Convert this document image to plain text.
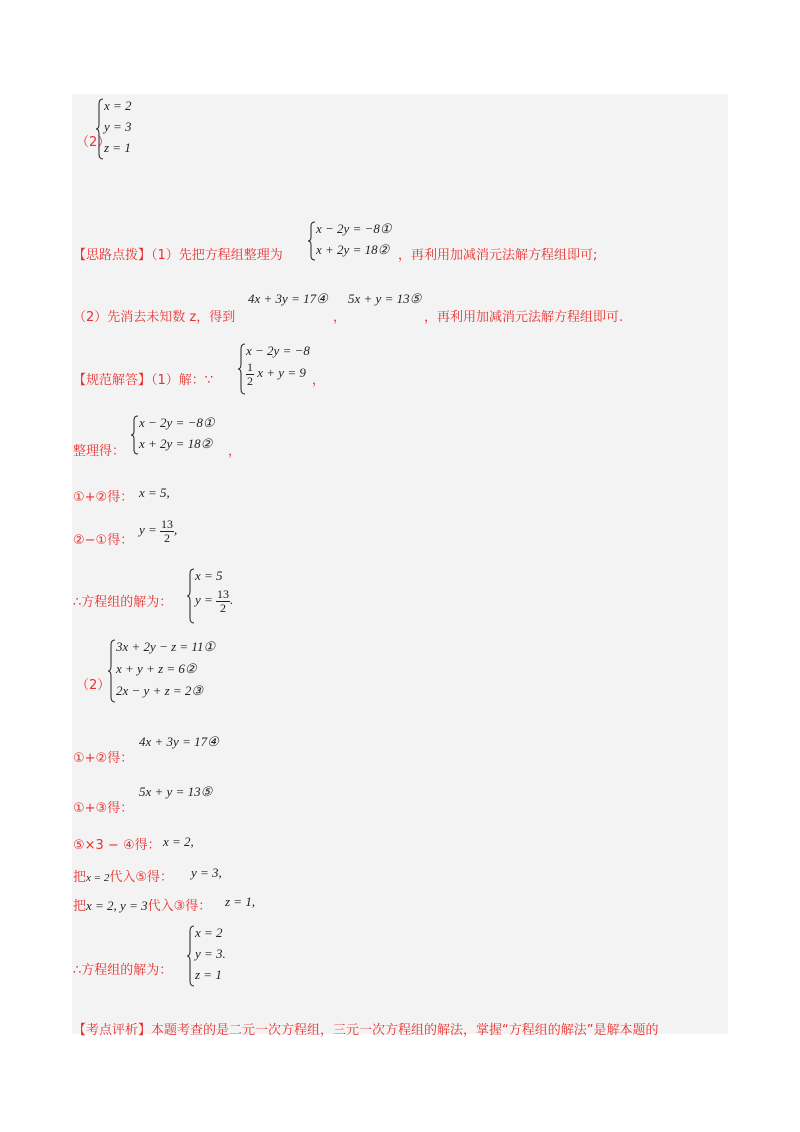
（2）
x = 2
y = 3
z = 1
【思路点拨】（1）先把方程组整理为
x − 2y = −8①
x + 2y = 18② ，再利用加减消元法解方程组即可;
（2）先消去未知数 z，得到
4x + 3y = 17④
，
5x + y = 13⑤
，再利用加减消元法解方程组即可.
【规范解答】（1）解：∵
x − 2y = −8
$\frac{1}{2}$ x + y = 9
，
整理得：
x − 2y = −8①
x + 2y = 18②
，
①+②得： x = 5,
②−①得：
$y = \frac{13}{2}$ ,
∴方程组的解为：
x = 5
$y = \frac{13}{2}$ .
（2）
3x + 2y − z = 11①
x + y + z = 6②
2x − y + z = 2③
①+②得：
4x + 3y = 17④
①+③得：
5x + y = 13⑤
⑤×3 − ④得： x = 2,
把x = 2代入⑤得： y = 3,
把x = 2, y = 3代入③得： z = 1,
∴方程组的解为：
x = 2
y = 3.
z = 1
【考点评析】本题考查的是二元一次方程组，三元一次方程组的解法，掌握“方程组的解法”是解本题的
